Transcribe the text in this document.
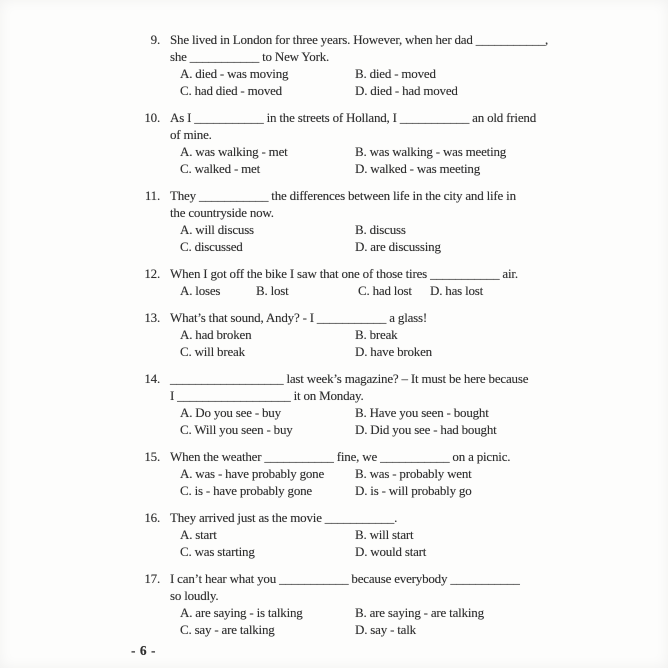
9. She lived in London for three years. However, when her dad ___________,
she ___________ to New York.
A. died - was moving	B. died - moved
C. had died - moved	D. died - had moved
10. As I ___________ in the streets of Holland, I ___________ an old friend
of mine.
A. was walking - met	B. was walking - was meeting
C. walked - met	D. walked - was meeting
11. They ___________ the differences between life in the city and life in
the countryside now.
A. will discuss	B. discuss
C. discussed	D. are discussing
12. When I got off the bike I saw that one of those tires ___________ air.
A. loses	B. lost	C. had lost D. has lost
13. What’s that sound, Andy? - I ___________ a glass!
A. had broken	B. break
C. will break	D. have broken
14. __________________ last week’s magazine? – It must be here because
I __________________ it on Monday.
A. Do you see - buy	B. Have you seen - bought
C. Will you seen - buy	D. Did you see - had bought
15. When the weather ___________ fine, we ___________ on a picnic.
A. was - have probably gone	B. was - probably went
C. is - have probably gone	D. is - will probably go
16. They arrived just as the movie ___________.
A. start	B. will start
C. was starting	D. would start
17. I can’t hear what you ___________ because everybody ___________
so loudly.
A. are saying - is talking	B. are saying - are talking
C. say - are talking	D. say - talk
- 6 -
